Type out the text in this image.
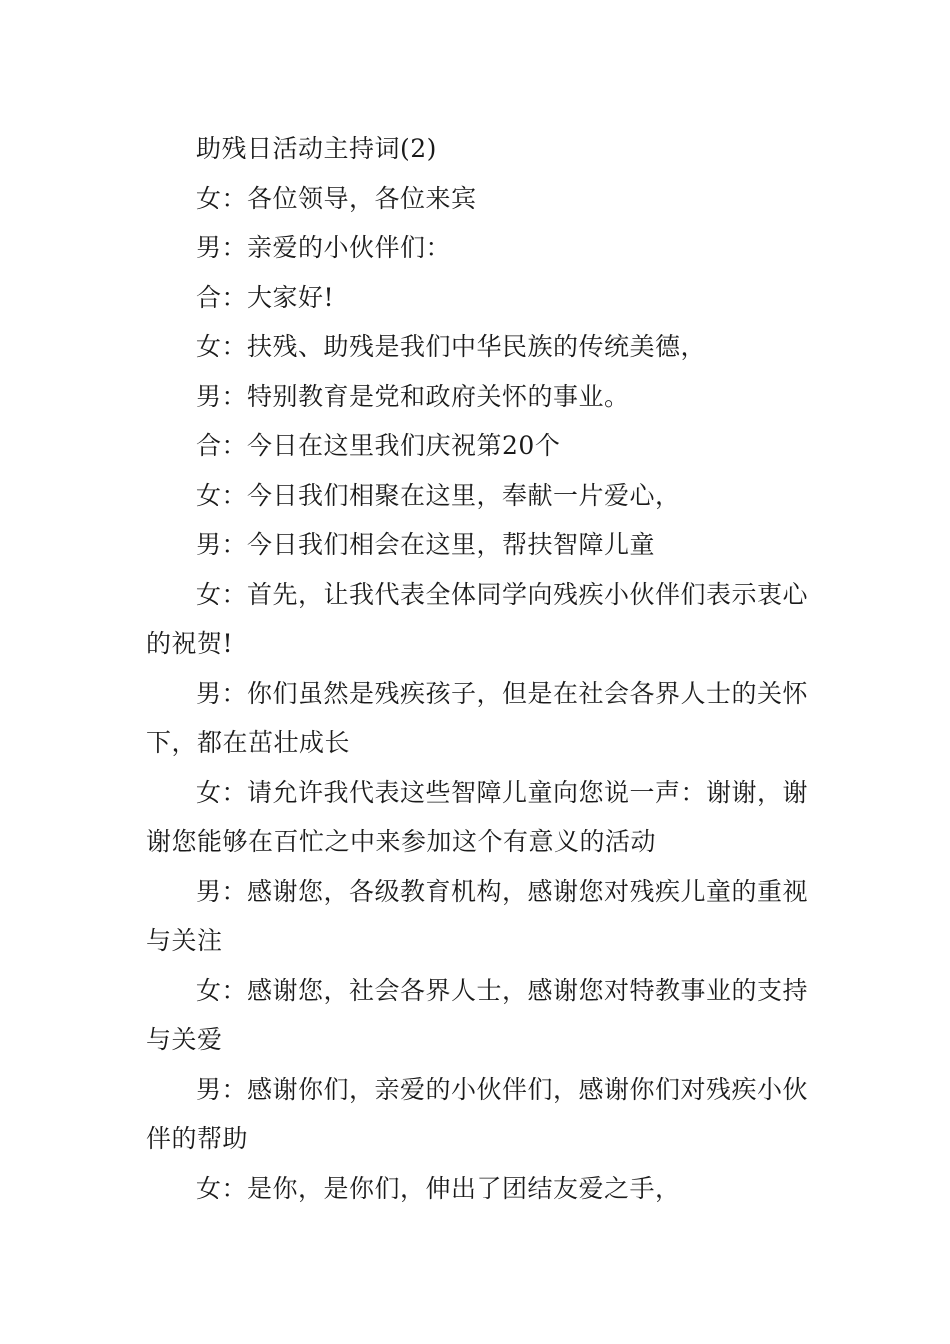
助残日活动主持词(2)

女：各位领导，各位来宾

男：亲爱的小伙伴们：

合：大家好!

女：扶残、助残是我们中华民族的传统美德，

男：特别教育是党和政府关怀的事业。

合：今日在这里我们庆祝第20个

女：今日我们相聚在这里，奉献一片爱心，

男：今日我们相会在这里，帮扶智障儿童

女：首先，让我代表全体同学向残疾小伙伴们表示衷心的祝贺!

男：你们虽然是残疾孩子，但是在社会各界人士的关怀下，都在茁壮成长

女：请允许我代表这些智障儿童向您说一声：谢谢，谢谢您能够在百忙之中来参加这个有意义的活动

男：感谢您，各级教育机构，感谢您对残疾儿童的重视与关注

女：感谢您，社会各界人士，感谢您对特教事业的支持与关爱

男：感谢你们，亲爱的小伙伴们，感谢你们对残疾小伙伴的帮助

女：是你，是你们，伸出了团结友爱之手，
